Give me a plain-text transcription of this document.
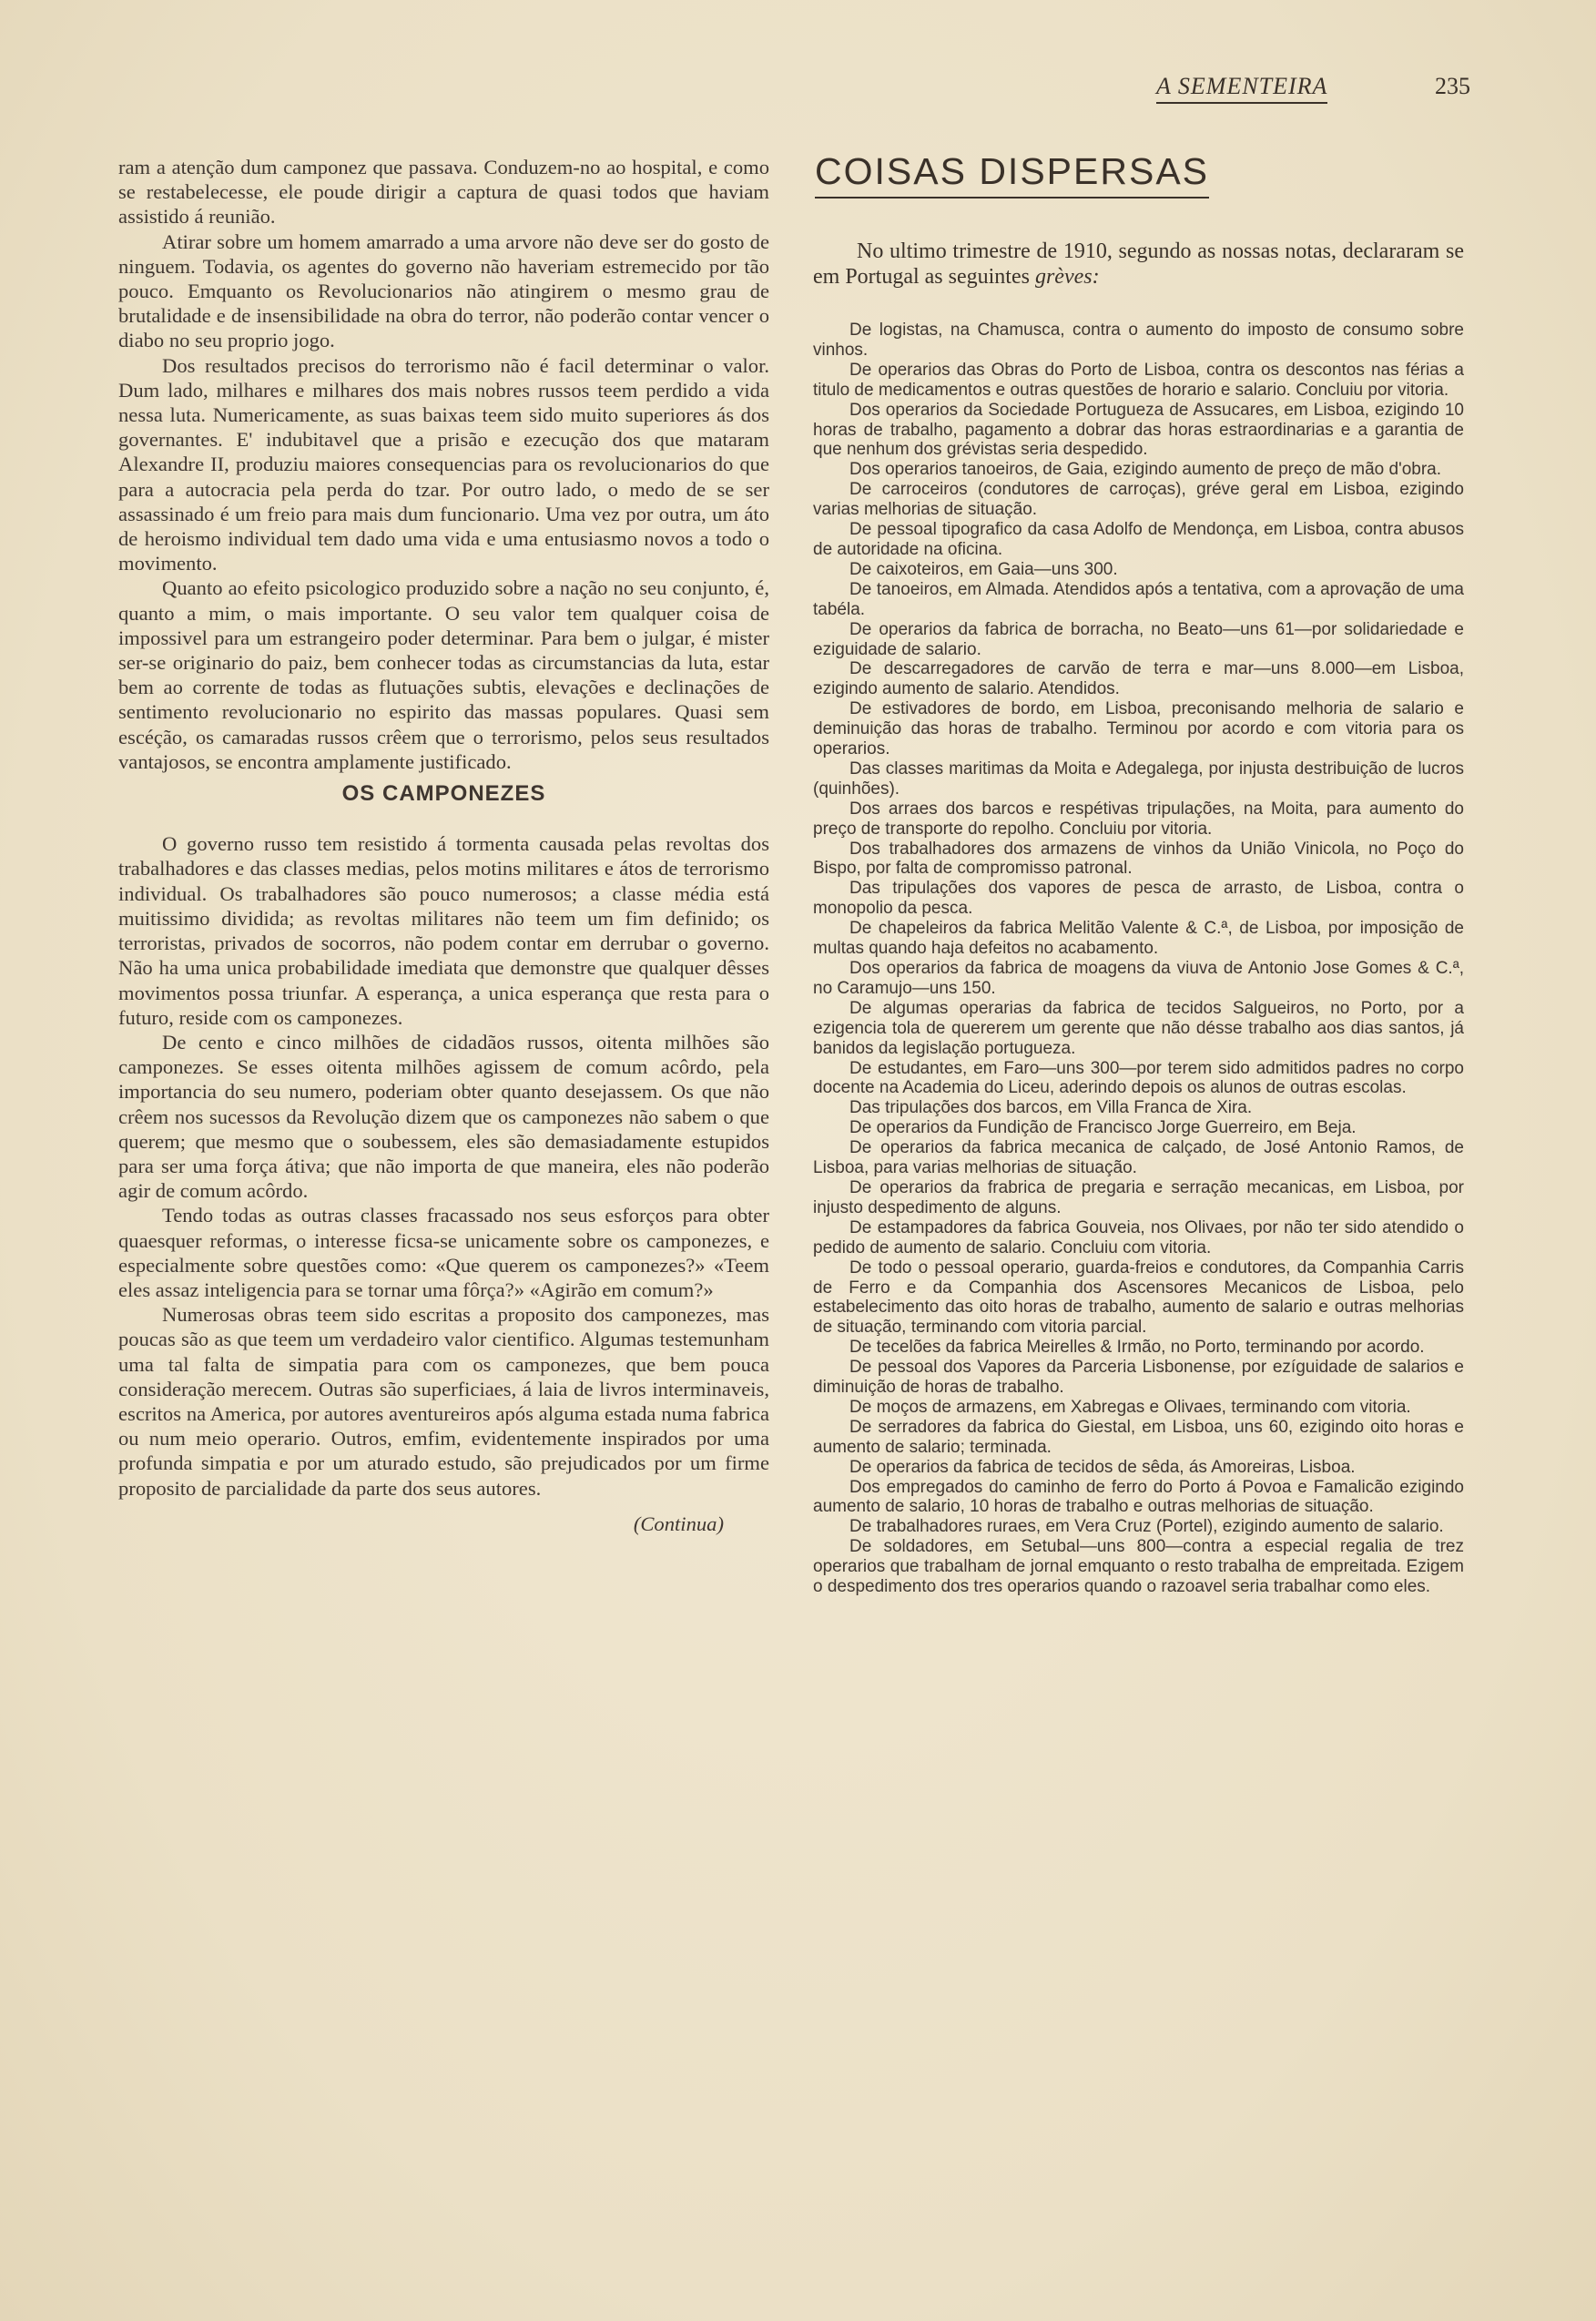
A SEMENTEIRA	235

ram a atenção dum camponez que passava. Conduzem-no ao hospital, e como se restabelecesse, ele poude dirigir a captura de quasi todos que haviam assistido á reunião.

Atirar sobre um homem amarrado a uma arvore não deve ser do gosto de ninguem. Todavia, os agentes do governo não haveriam estremecido por tão pouco. Emquanto os Revolucionarios não atingirem o mesmo grau de brutalidade e de insensibilidade na obra do terror, não poderão contar vencer o diabo no seu proprio jogo.

Dos resultados precisos do terrorismo não é facil determinar o valor. Dum lado, milhares e milhares dos mais nobres russos teem perdido a vida nessa luta. Numericamente, as suas baixas teem sido muito superiores ás dos governantes. E' indubitavel que a prisão e ezecução dos que mataram Alexandre II, produziu maiores consequencias para os revolucionarios do que para a autocracia pela perda do tzar. Por outro lado, o medo de se ser assassinado é um freio para mais dum funcionario. Uma vez por outra, um áto de heroismo individual tem dado uma vida e uma entusiasmo novos a todo o movimento.

Quanto ao efeito psicologico produzido sobre a nação no seu conjunto, é, quanto a mim, o mais importante. O seu valor tem qualquer coisa de impossivel para um estrangeiro poder determinar. Para bem o julgar, é mister ser-se originario do paiz, bem conhecer todas as circumstancias da luta, estar bem ao corrente de todas as flutuações subtis, elevações e declinações de sentimento revolucionario no espirito das massas populares. Quasi sem escéção, os camaradas russos crêem que o terrorismo, pelos seus resultados vantajosos, se encontra amplamente justificado.

OS CAMPONEZES

O governo russo tem resistido á tormenta causada pelas revoltas dos trabalhadores e das classes medias, pelos motins militares e átos de terrorismo individual. Os trabalhadores são pouco numerosos; a classe média está muitissimo dividida; as revoltas militares não teem um fim definido; os terroristas, privados de socorros, não podem contar em derrubar o governo. Não ha uma unica probabilidade imediata que demonstre que qualquer dêsses movimentos possa triunfar. A esperança, a unica esperança que resta para o futuro, reside com os camponezes.

De cento e cinco milhões de cidadãos russos, oitenta milhões são camponezes. Se esses oitenta milhões agissem de comum acôrdo, pela importancia do seu numero, poderiam obter quanto desejassem. Os que não crêem nos sucessos da Revolução dizem que os camponezes não sabem o que querem; que mesmo que o soubessem, eles são demasiadamente estupidos para ser uma força átiva; que não importa de que maneira, eles não poderão agir de comum acôrdo.

Tendo todas as outras classes fracassado nos seus esforços para obter quaesquer reformas, o interesse ficsa-se unicamente sobre os camponezes, e especialmente sobre questões como: «Que querem os camponezes?» «Teem eles assaz inteligencia para se tornar uma fôrça?» «Agirão em comum?»

Numerosas obras teem sido escritas a proposito dos camponezes, mas poucas são as que teem um verdadeiro valor cientifico. Algumas testemunham uma tal falta de simpatia para com os camponezes, que bem pouca consideração merecem. Outras são superficiaes, á laia de livros interminaveis, escritos na America, por autores aventureiros após alguma estada numa fabrica ou num meio operario. Outros, emfim, evidentemente inspirados por uma profunda simpatia e por um aturado estudo, são prejudicados por um firme proposito de parcialidade da parte dos seus autores.

(Continua)
COISAS DISPERSAS

No ultimo trimestre de 1910, segundo as nossas notas, declararam se em Portugal as seguintes grèves:

De logistas, na Chamusca, contra o aumento do imposto de consumo sobre vinhos.

De operarios das Obras do Porto de Lisboa, contra os descontos nas férias a titulo de medicamentos e outras questões de horario e salario. Concluiu por vitoria.

Dos operarios da Sociedade Portugueza de Assucares, em Lisboa, ezigindo 10 horas de trabalho, pagamento a dobrar das horas estraordinarias e a garantia de que nenhum dos grévistas seria despedido.

Dos operarios tanoeiros, de Gaia, ezigindo aumento de preço de mão d'obra.

De carroceiros (condutores de carroças), gréve geral em Lisboa, ezigindo varias melhorias de situação.

De pessoal tipografico da casa Adolfo de Mendonça, em Lisboa, contra abusos de autoridade na oficina.

De caixoteiros, em Gaia—uns 300.

De tanoeiros, em Almada. Atendidos após a tentativa, com a aprovação de uma tabéla.

De operarios da fabrica de borracha, no Beato—uns 61—por solidariedade e eziguidade de salario.

De descarregadores de carvão de terra e mar—uns 8.000—em Lisboa, ezigindo aumento de salario. Atendidos.

De estivadores de bordo, em Lisboa, preconisando melhoria de salario e deminuição das horas de trabalho. Terminou por acordo e com vitoria para os operarios.

Das classes maritimas da Moita e Adegalega, por injusta destribuição de lucros (quinhões).

Dos arraes dos barcos e respétivas tripulações, na Moita, para aumento do preço de transporte do repolho. Concluiu por vitoria.

Dos trabalhadores dos armazens de vinhos da União Vinicola, no Poço do Bispo, por falta de compromisso patronal.

Das tripulações dos vapores de pesca de arrasto, de Lisboa, contra o monopolio da pesca.

De chapeleiros da fabrica Melitão Valente & C.ª, de Lisboa, por imposição de multas quando haja defeitos no acabamento.

Dos operarios da fabrica de moagens da viuva de Antonio Jose Gomes & C.ª, no Caramujo—uns 150.

De algumas operarias da fabrica de tecidos Salgueiros, no Porto, por a ezigencia tola de quererem um gerente que não désse trabalho aos dias santos, já banidos da legislação portugueza.

De estudantes, em Faro—uns 300—por terem sido admitidos padres no corpo docente na Academia do Liceu, aderindo depois os alunos de outras escolas.

Das tripulações dos barcos, em Villa Franca de Xira.

De operarios da Fundição de Francisco Jorge Guerreiro, em Beja.

De operarios da fabrica mecanica de calçado, de José Antonio Ramos, de Lisboa, para varias melhorias de situação.

De operarios da frabrica de pregaria e serração mecanicas, em Lisboa, por injusto despedimento de alguns.

De estampadores da fabrica Gouveia, nos Olivaes, por não ter sido atendido o pedido de aumento de salario. Concluiu com vitoria.

De todo o pessoal operario, guarda-freios e condutores, da Companhia Carris de Ferro e da Companhia dos Ascensores Mecanicos de Lisboa, pelo estabelecimento das oito horas de trabalho, aumento de salario e outras melhorias de situação, terminando com vitoria parcial.

De tecelões da fabrica Meirelles & Irmão, no Porto, terminando por acordo.

De pessoal dos Vapores da Parceria Lisbonense, por ezíguidade de salarios e diminuição de horas de trabalho.

De moços de armazens, em Xabregas e Olivaes, terminando com vitoria.

De serradores da fabrica do Giestal, em Lisboa, uns 60, ezigindo oito horas e aumento de salario; terminada.

De operarios da fabrica de tecidos de sêda, ás Amoreiras, Lisboa.

Dos empregados do caminho de ferro do Porto á Povoa e Famalicão ezigindo aumento de salario, 10 horas de trabalho e outras melhorias de situação.

De trabalhadores ruraes, em Vera Cruz (Portel), ezigindo aumento de salario.

De soldadores, em Setubal—uns 800—contra a especial regalia de trez operarios que trabalham de jornal emquanto o resto trabalha de empreitada. Ezigem o despedimento dos tres operarios quando o razoavel seria trabalhar como eles.
